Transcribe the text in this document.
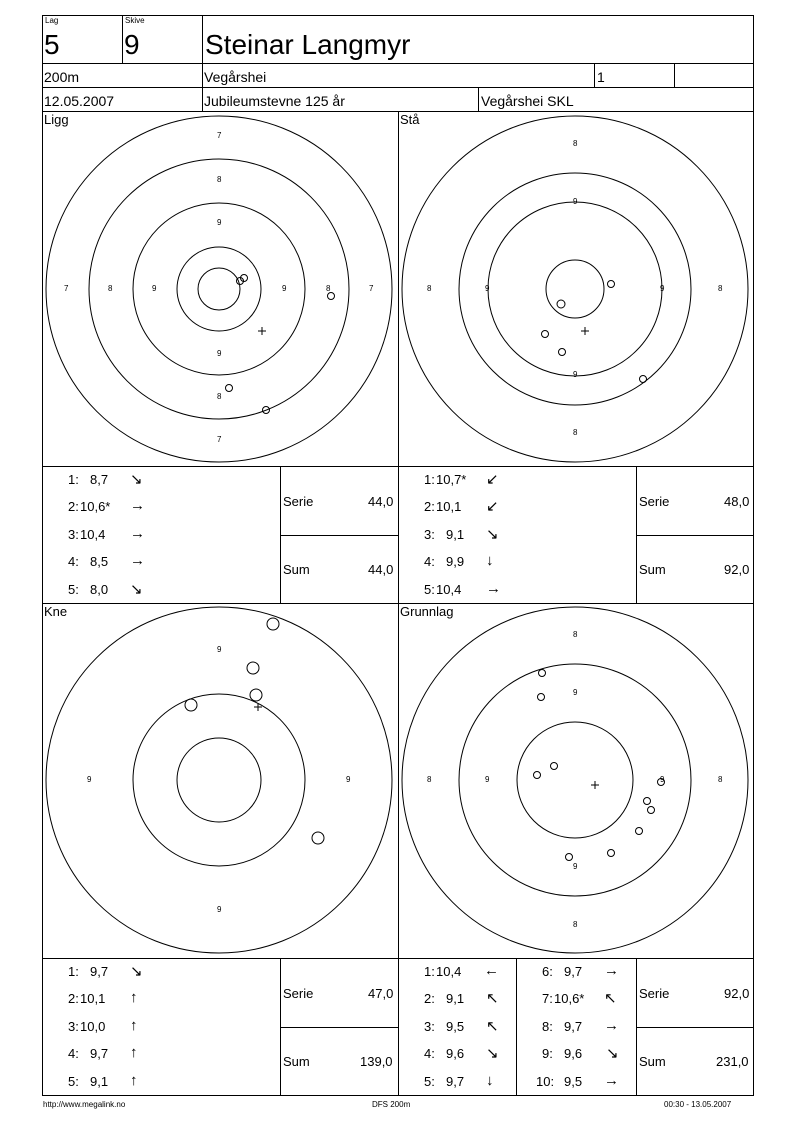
Lag
5
Skive
9 Steinar Langmyr
200m	Vegårshei	1
12.05.2007	Jubileumstevne 125 år	Vegårshei SKL
Ligg	Stå
Kne	Grunnlag
7
8
9
9
8
7
7	8	9	9	8	7
8
9
8	9	9	8
9
8
9
9	9
9
8
9
8	9	9	8
9
8
1: 8,7 ↘
2: 10,6* →
3: 10,4 →
4: 8,5 →
5: 8,0 ↘
Serie	44,0
Sum	44,0
1: 10,7* ↙
2: 10,1 ↙
3: 9,1 ↘
4: 9,9 ↓
5: 10,4 →
Serie	48,0
Sum	92,0
1: 9,7 ↘
2: 10,1 ↑
3: 10,0 ↑
4: 9,7 ↑
5: 9,1 ↑
Serie	47,0
Sum	139,0
1: 10,4 ←
2: 9,1 ↖
3: 9,5 ↖
4: 9,6 ↘
5: 9,7 ↓
6: 9,7 →
7: 10,6* ↖
8: 9,7 →
9: 9,6 ↘
10: 9,5 →
Serie	92,0
Sum	231,0
http://www.megalink.no	DFS 200m	00:30 - 13.05.2007
